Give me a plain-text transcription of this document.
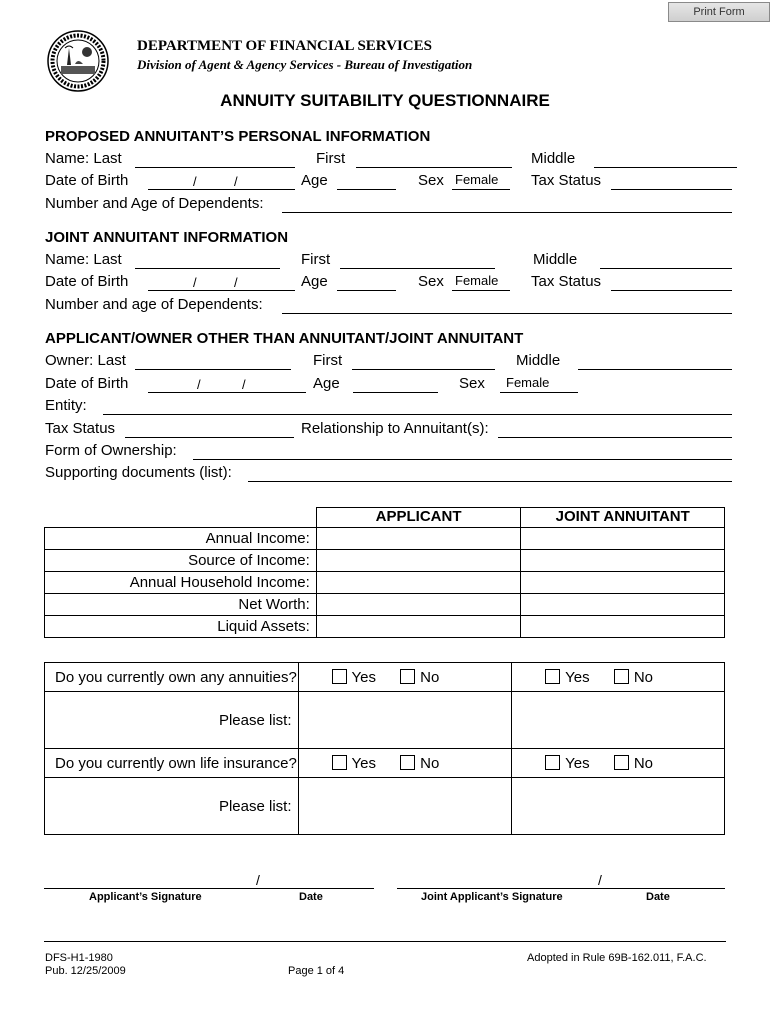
Print Form
DEPARTMENT OF FINANCIAL SERVICES
Division of Agent & Agency Services - Bureau of Investigation
ANNUITY SUITABILITY QUESTIONNAIRE
PROPOSED ANNUITANT’S PERSONAL INFORMATION
Name: Last	First	Middle
Date of Birth	/	/	Age	Sex Female Tax Status
Number and Age of Dependents:
JOINT ANNUITANT INFORMATION
Name: Last	First	Middle
Date of Birth	/	/	Age	Sex Female Tax Status
Number and age of Dependents:
APPLICANT/OWNER OTHER THAN ANNUITANT/JOINT ANNUITANT
Owner: Last	First	Middle
Date of Birth	/	/	Age	Sex Female
Entity:
Tax Status	Relationship to Annuitant(s):
Form of Ownership:
Supporting documents (list):
	APPLICANT	JOINT ANNUITANT
Annual Income:		
Source of Income:		
Annual Household Income:		
Net Worth:		
Liquid Assets:		
Do you currently own any annuities?	Yes No	Yes No
Please list:		
Do you currently own life insurance?	Yes No	Yes No
Please list:		
/
Applicant’s Signature	Date
/
Joint Applicant’s Signature	Date
DFS-H1-1980
Pub. 12/25/2009	Page 1 of 4
Adopted in Rule 69B-162.011, F.A.C.
